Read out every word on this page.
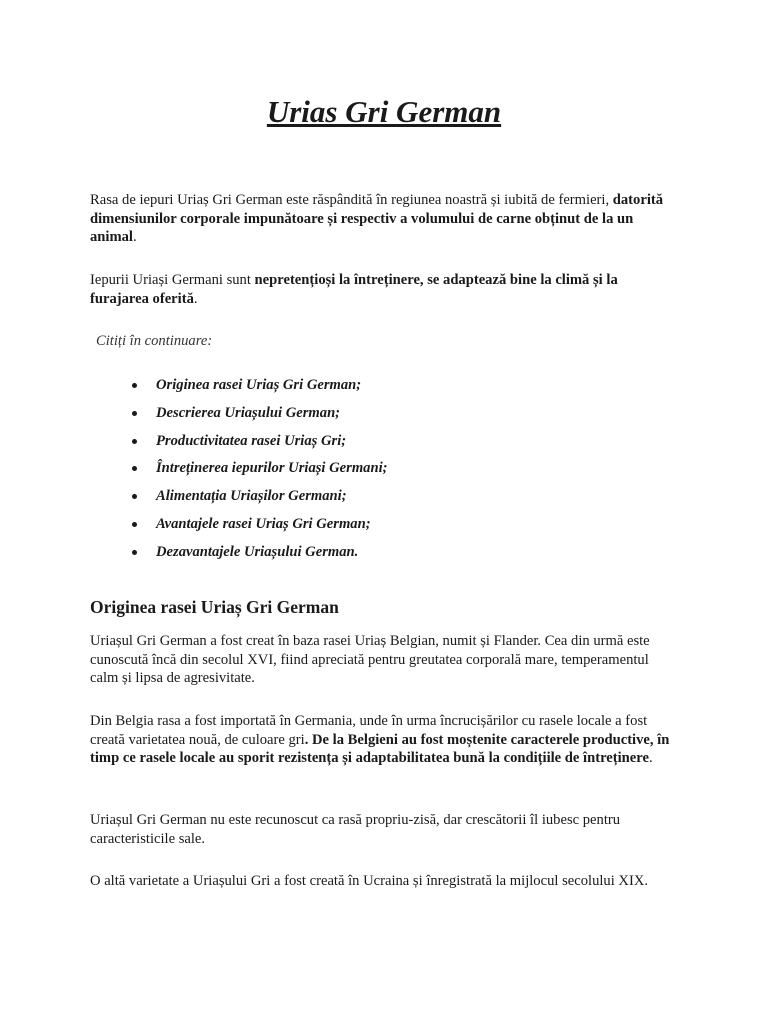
Urias Gri German

Rasa de iepuri Uriaș Gri German este răspândită în regiunea noastră și iubită de fermieri, datorită dimensiunilor corporale impunătoare și respectiv a volumului de carne obținut de la un animal.

Iepurii Uriași Germani sunt nepretențioși la întreținere, se adaptează bine la climă și la furajarea oferită.

Citiți în continuare:

Originea rasei Uriaș Gri German;
Descrierea Uriașului German;
Productivitatea rasei Uriaș Gri;
Întreținerea iepurilor Uriași Germani;
Alimentația Uriașilor Germani;
Avantajele rasei Uriaș Gri German;
Dezavantajele Uriașului German.
Originea rasei Uriaș Gri German

Uriașul Gri German a fost creat în baza rasei Uriaș Belgian, numit și Flander. Cea din urmă este cunoscută încă din secolul XVI, fiind apreciată pentru greutatea corporală mare, temperamentul calm și lipsa de agresivitate.

Din Belgia rasa a fost importată în Germania, unde în urma încrucișărilor cu rasele locale a fost creată varietatea nouă, de culoare gri. De la Belgieni au fost moștenite caracterele productive, în timp ce rasele locale au sporit rezistența și adaptabilitatea bună la condițiile de întreținere.

Uriașul Gri German nu este recunoscut ca rasă propriu-zisă, dar crescătorii îl iubesc pentru caracteristicile sale.

O altă varietate a Uriașului Gri a fost creată în Ucraina și înregistrată la mijlocul secolului XIX.
